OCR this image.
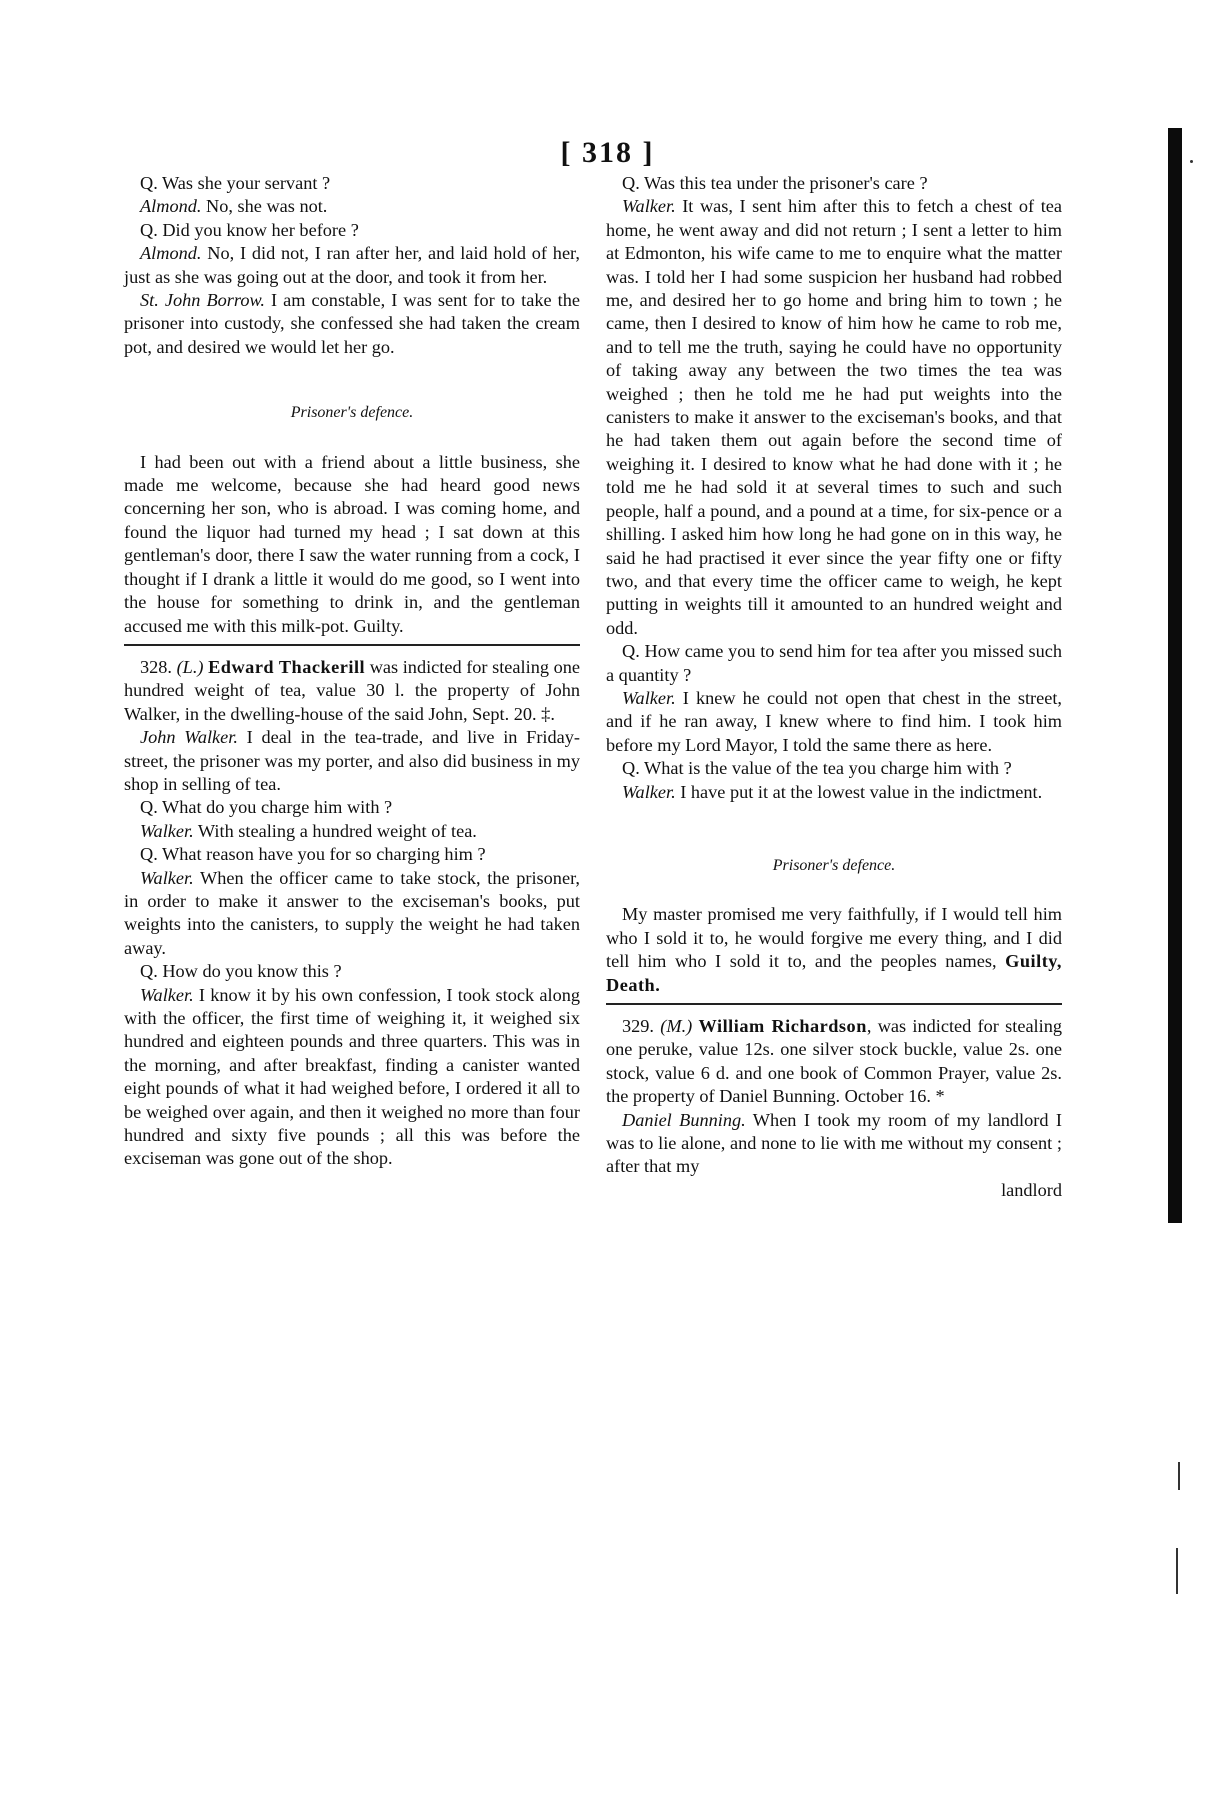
[ 318 ]

Q. Was she your servant ?

Almond. No, she was not.

Q. Did you know her before ?

Almond. No, I did not, I ran after her, and laid hold of her, just as she was going out at the door, and took it from her.

St. John Borrow. I am constable, I was sent for to take the prisoner into custody, she confessed she had taken the cream pot, and desired we would let her go.

Prisoner's defence.

I had been out with a friend about a little business, she made me welcome, because she had heard good news concerning her son, who is abroad. I was coming home, and found the liquor had turned my head ; I sat down at this gentleman's door, there I saw the water running from a cock, I thought if I drank a little it would do me good, so I went into the house for something to drink in, and the gentleman accused me with this milk-pot. Guilty.

328. (L.) Edward Thackerill was indicted for stealing one hundred weight of tea, value 30 l. the property of John Walker, in the dwelling-house of the said John, Sept. 20. ‡.

John Walker. I deal in the tea-trade, and live in Friday-street, the prisoner was my porter, and also did business in my shop in selling of tea.

Q. What do you charge him with ?

Walker. With stealing a hundred weight of tea.

Q. What reason have you for so charging him ?

Walker. When the officer came to take stock, the prisoner, in order to make it answer to the exciseman's books, put weights into the canisters, to supply the weight he had taken away.

Q. How do you know this ?

Walker. I know it by his own confession, I took stock along with the officer, the first time of weighing it, it weighed six hundred and eighteen pounds and three quarters. This was in the morning, and after breakfast, finding a canister wanted eight pounds of what it had weighed before, I ordered it all to be weighed over again, and then it weighed no more than four hundred and sixty five pounds ; all this was before the exciseman was gone out of the shop.

Q. Was this tea under the prisoner's care ?

Walker. It was, I sent him after this to fetch a chest of tea home, he went away and did not return ; I sent a letter to him at Edmonton, his wife came to me to enquire what the matter was. I told her I had some suspicion her husband had robbed me, and desired her to go home and bring him to town ; he came, then I desired to know of him how he came to rob me, and to tell me the truth, saying he could have no opportunity of taking away any between the two times the tea was weighed ; then he told me he had put weights into the canisters to make it answer to the exciseman's books, and that he had taken them out again before the second time of weighing it. I desired to know what he had done with it ; he told me he had sold it at several times to such and such people, half a pound, and a pound at a time, for six-pence or a shilling. I asked him how long he had gone on in this way, he said he had practised it ever since the year fifty one or fifty two, and that every time the officer came to weigh, he kept putting in weights till it amounted to an hundred weight and odd.

Q. How came you to send him for tea after you missed such a quantity ?

Walker. I knew he could not open that chest in the street, and if he ran away, I knew where to find him. I took him before my Lord Mayor, I told the same there as here.

Q. What is the value of the tea you charge him with ?

Walker. I have put it at the lowest value in the indictment.

Prisoner's defence.

My master promised me very faithfully, if I would tell him who I sold it to, he would forgive me every thing, and I did tell him who I sold it to, and the peoples names, Guilty, Death.

329. (M.) William Richardson, was indicted for stealing one peruke, value 12s. one silver stock buckle, value 2s. one stock, value 6 d. and one book of Common Prayer, value 2s. the property of Daniel Bunning. October 16. *

Daniel Bunning. When I took my room of my landlord I was to lie alone, and none to lie with me without my consent ; after that my

landlord
